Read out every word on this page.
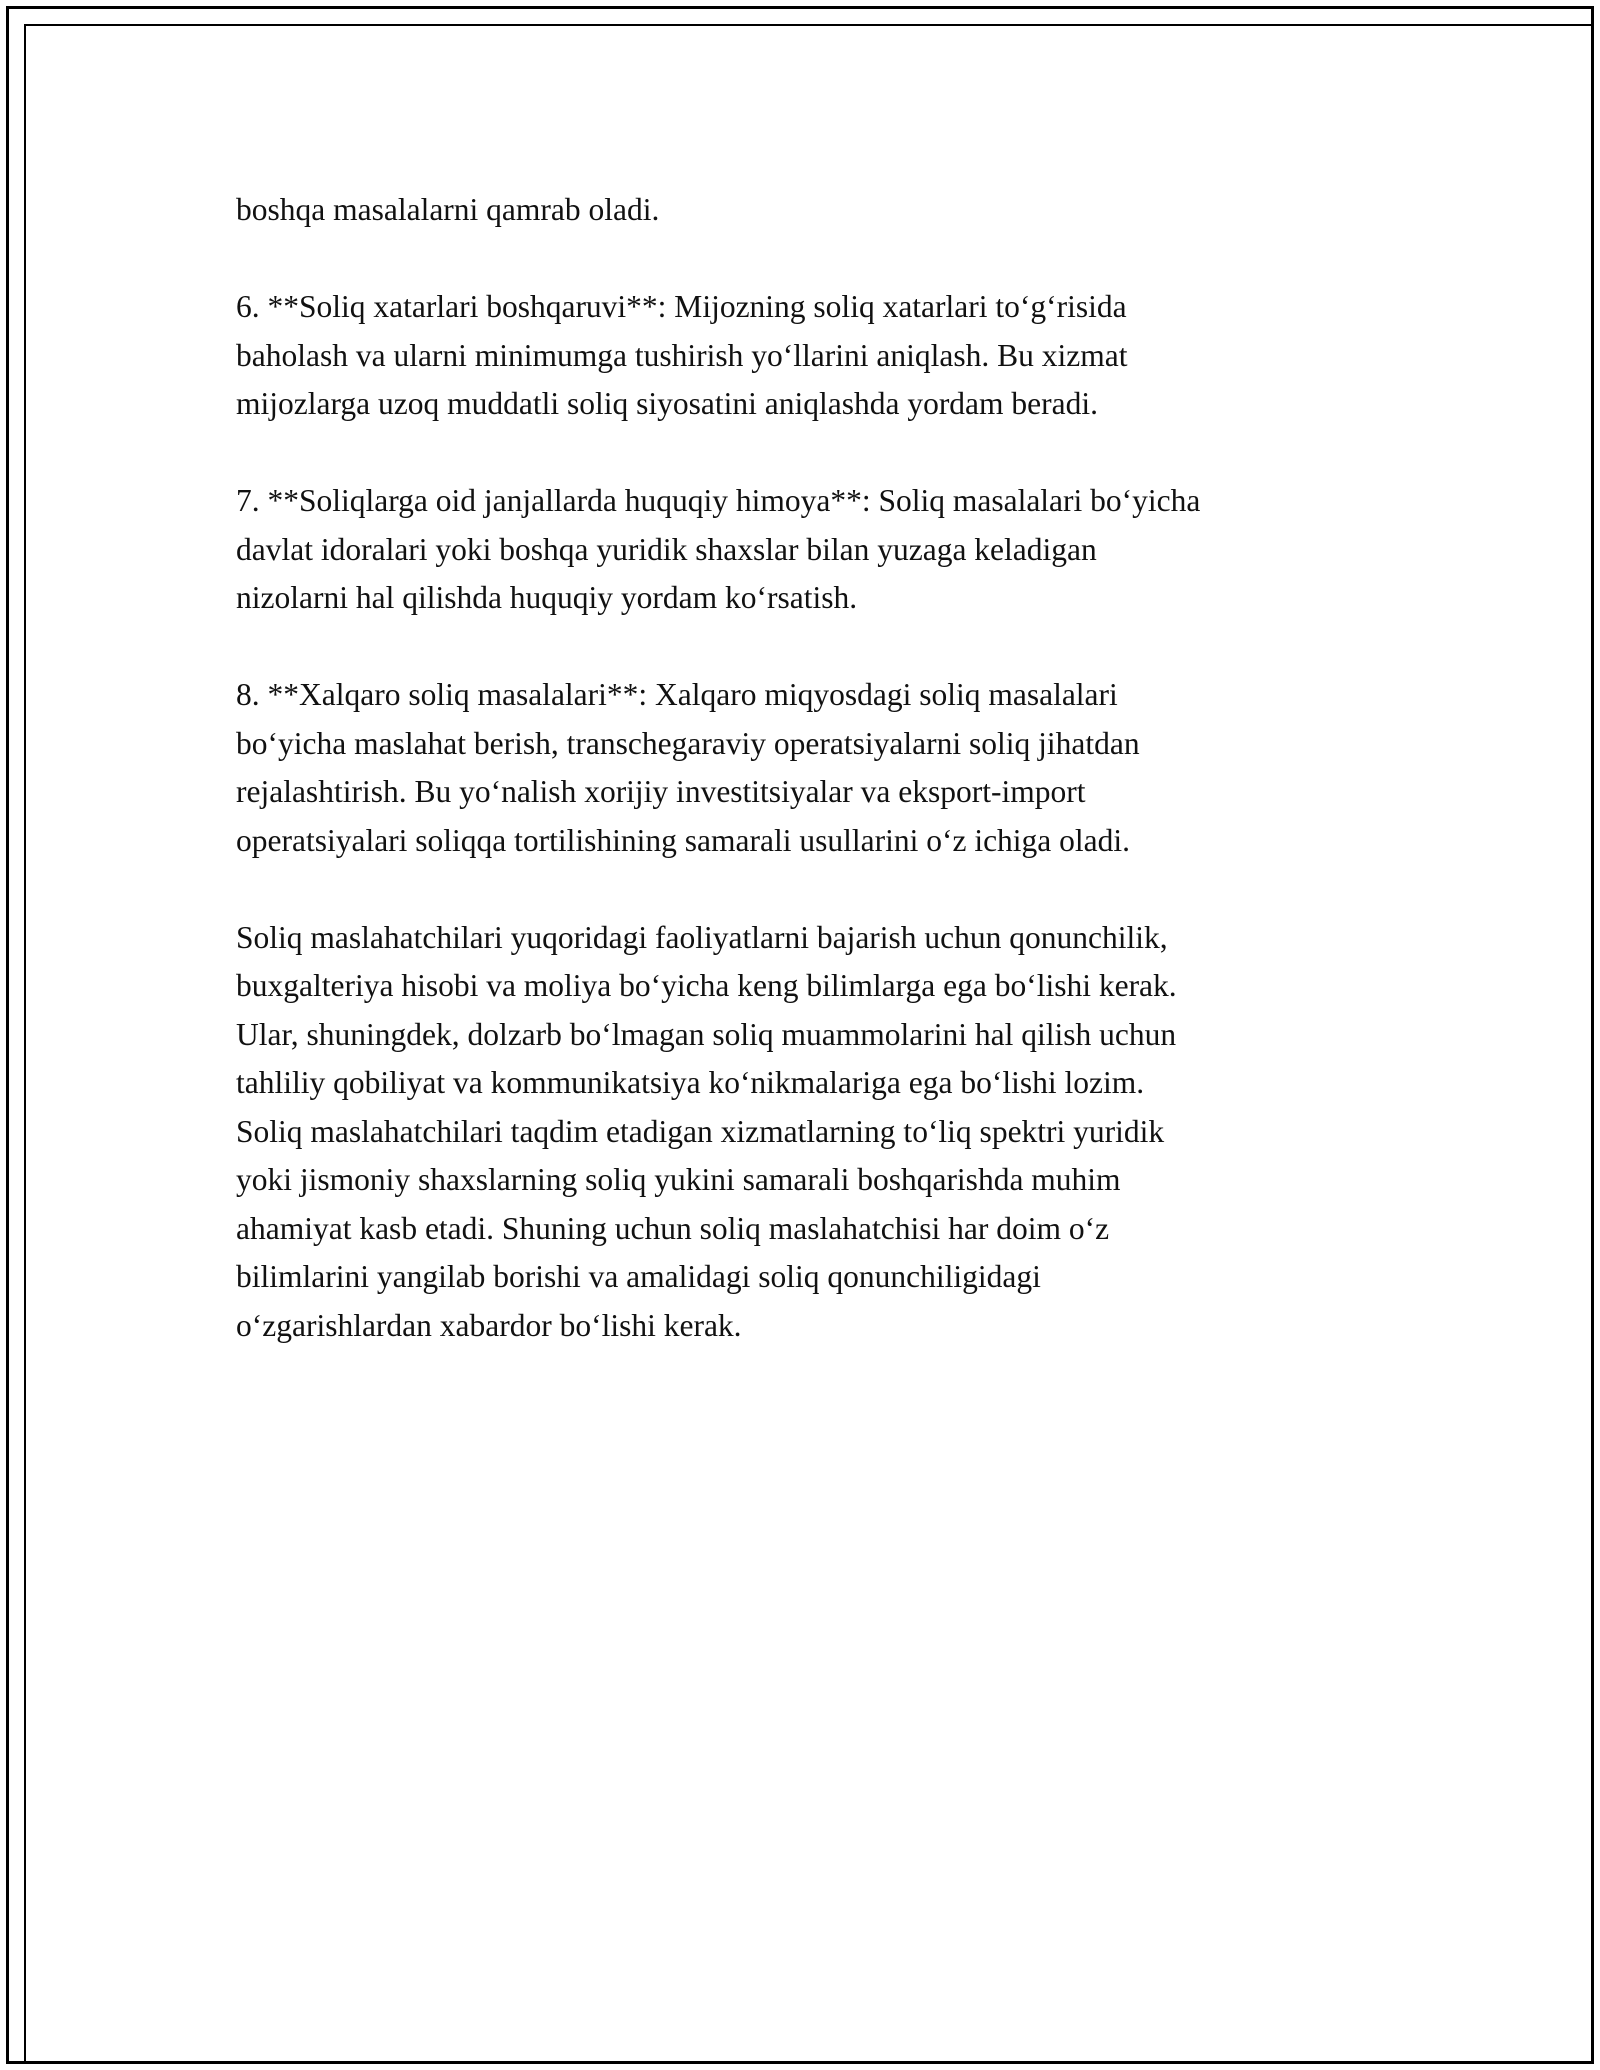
boshqa masalalarni qamrab oladi.
6. **Soliq xatarlari boshqaruvi**: Mijozning soliq xatarlari to‘g‘risida
baholash va ularni minimumga tushirish yo‘llarini aniqlash. Bu xizmat
mijozlarga uzoq muddatli soliq siyosatini aniqlashda yordam beradi.
7. **Soliqlarga oid janjallarda huquqiy himoya**: Soliq masalalari bo‘yicha
davlat idoralari yoki boshqa yuridik shaxslar bilan yuzaga keladigan
nizolarni hal qilishda huquqiy yordam ko‘rsatish.
8. **Xalqaro soliq masalalari**: Xalqaro miqyosdagi soliq masalalari
bo‘yicha maslahat berish, transchegaraviy operatsiyalarni soliq jihatdan
rejalashtirish. Bu yo‘nalish xorijiy investitsiyalar va eksport-import
operatsiyalari soliqqa tortilishining samarali usullarini o‘z ichiga oladi.
Soliq maslahatchilari yuqoridagi faoliyatlarni bajarish uchun qonunchilik,
buxgalteriya hisobi va moliya bo‘yicha keng bilimlarga ega bo‘lishi kerak.
Ular, shuningdek, dolzarb bo‘lmagan soliq muammolarini hal qilish uchun
tahliliy qobiliyat va kommunikatsiya ko‘nikmalariga ega bo‘lishi lozim.
Soliq maslahatchilari taqdim etadigan xizmatlarning to‘liq spektri yuridik
yoki jismoniy shaxslarning soliq yukini samarali boshqarishda muhim
ahamiyat kasb etadi. Shuning uchun soliq maslahatchisi har doim o‘z
bilimlarini yangilab borishi va amalidagi soliq qonunchiligidagi
o‘zgarishlardan xabardor bo‘lishi kerak.
